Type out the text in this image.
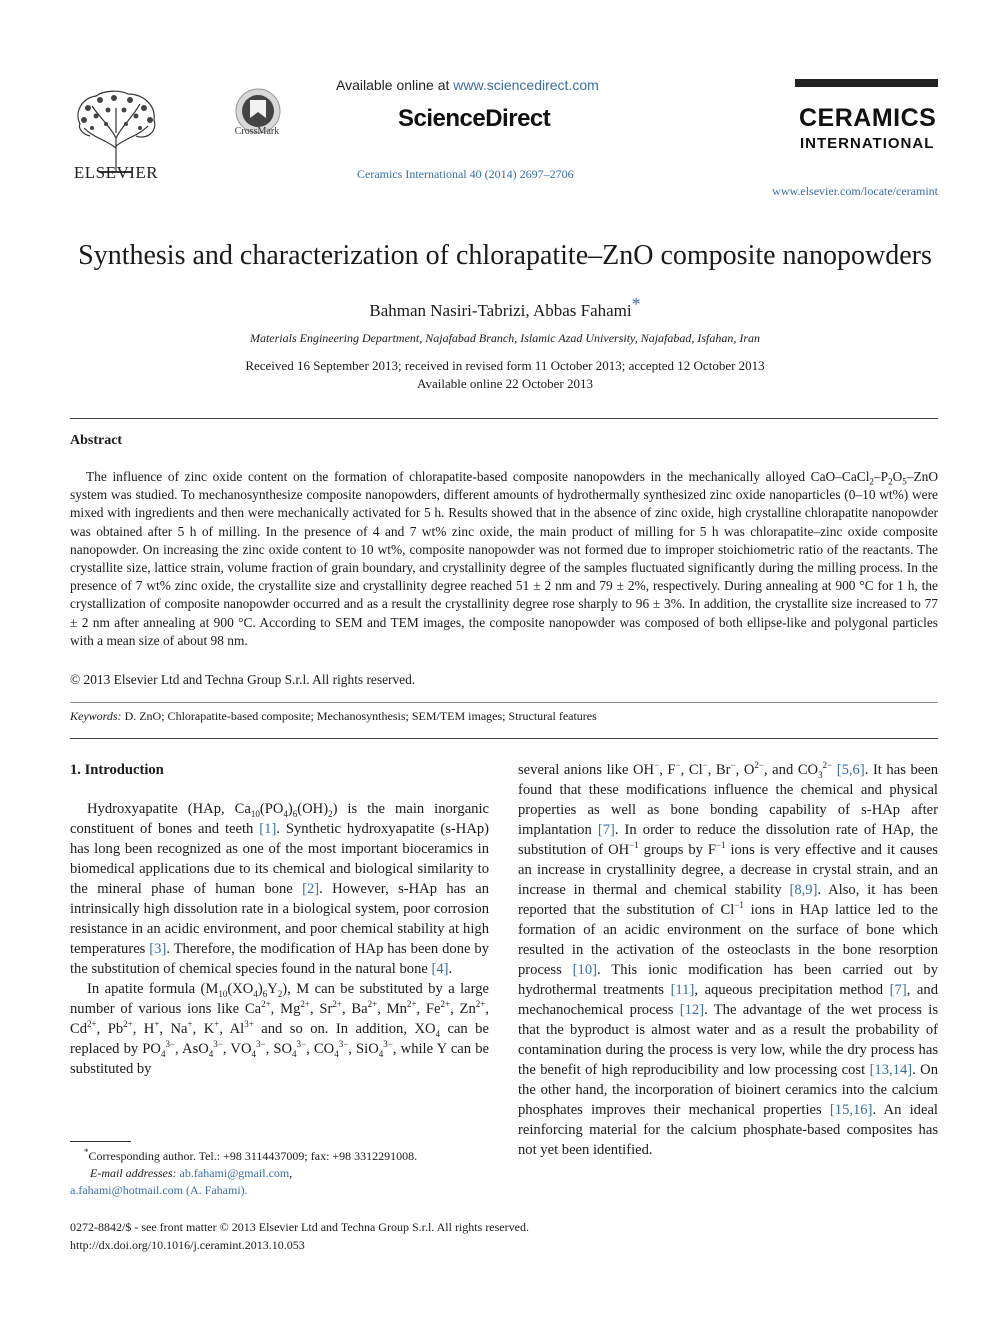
ELSEVIER
CrossMark
Available online at www.sciencedirect.com
ScienceDirect
Ceramics International 40 (2014) 2697–2706
CERAMICS
INTERNATIONAL
www.elsevier.com/locate/ceramint
Synthesis and characterization of chlorapatite–ZnO composite nanopowders
Bahman Nasiri-Tabrizi, Abbas Fahami*
Materials Engineering Department, Najafabad Branch, Islamic Azad University, Najafabad, Isfahan, Iran
Received 16 September 2013; received in revised form 11 October 2013; accepted 12 October 2013
Available online 22 October 2013
Abstract
The influence of zinc oxide content on the formation of chlorapatite-based composite nanopowders in the mechanically alloyed CaO–$CaCl_2-P_2O_5$–ZnO system was studied. To mechanosynthesize composite nanopowders, different amounts of hydrothermally synthesized zinc oxide nanoparticles (0–10 wt%) were mixed with ingredients and then were mechanically activated for 5 h. Results showed that in the absence of zinc oxide, high crystalline chlorapatite nanopowder was obtained after 5 h of milling. In the presence of 4 and 7 wt% zinc oxide, the main product of milling for 5 h was chlorapatite–zinc oxide composite nanopowder. On increasing the zinc oxide content to 10 wt%, composite nanopowder was not formed due to improper stoichiometric ratio of the reactants. The crystallite size, lattice strain, volume fraction of grain boundary, and crystallinity degree of the samples fluctuated significantly during the milling process. In the presence of 7 wt% zinc oxide, the crystallite size and crystallinity degree reached 51 ± 2 nm and 79 ± 2%, respectively. During annealing at 900 °C for 1 h, the crystallization of composite nanopowder occurred and as a result the crystallinity degree rose sharply to 96 ± 3%. In addition, the crystallite size increased to 77 ± 2 nm after annealing at 900 °C. According to SEM and TEM images, the composite nanopowder was composed of both ellipse-like and polygonal particles with a mean size of about 98 nm.
© 2013 Elsevier Ltd and Techna Group S.r.l. All rights reserved.
Keywords: D. ZnO; Chlorapatite-based composite; Mechanosynthesis; SEM/TEM images; Structural features
1. Introduction

Hydroxyapatite (HAp, $Ca_{10}(PO_4)_6(OH)_2$) is the main inorganic constituent of bones and teeth [1]. Synthetic hydroxyapatite (s-HAp) has long been recognized as one of the most important bioceramics in biomedical applications due to its chemical and biological similarity to the mineral phase of human bone [2]. However, s-HAp has an intrinsically high dissolution rate in a biological system, poor corrosion resistance in an acidic environment, and poor chemical stability at high temperatures [3]. Therefore, the modification of HAp has been done by the substitution of chemical species found in the natural bone [4].

In apatite formula $(M_{10}(XO_4)_6Y_2)$, M can be substituted by a large number of various ions like $Ca^{2+}$, $Mg^{2+}$, $Sr^{2+}$, $Ba^{2+}$, $Mn^{2+}$, $Fe^{2+}$, $Zn^{2+}$, $Cd^{2+}$, $Pb^{2+}$, H+, Na+, K+, $Al^{3+}$ and so on. In addition, $XO_4$ can be replaced by $PO_4^{3-}$, AsO$_4^{3-}$, $VO_4^{3-}$, $SO_4^{3-}$, $CO_4^{3-}$, SiO$_4^{3-}$, while Y can be substituted by

several anions like OH−, F−, Cl−, Br−, $O^{2-}$, and $CO_3^{2-}$ [5,6]. It has been found that these modifications influence the chemical and physical properties as well as bone bonding capability of s-HAp after implantation [7]. In order to reduce the dissolution rate of HAp, the substitution of $OH^{-1}$ groups by $F^{-1}$ ions is very effective and it causes an increase in crystallinity degree, a decrease in crystal strain, and an increase in thermal and chemical stability [8,9]. Also, it has been reported that the substitution of $Cl^{-1}$ ions in HAp lattice led to the formation of an acidic environment on the surface of bone which resulted in the activation of the osteoclasts in the bone resorption process [10]. This ionic modification has been carried out by hydrothermal treatments [11], aqueous precipitation method [7], and mechanochemical process [12]. The advantage of the wet process is that the byproduct is almost water and as a result the probability of contamination during the process is very low, while the dry process has the benefit of high reproducibility and low processing cost [13,14]. On the other hand, the incorporation of bioinert ceramics into the calcium phosphates improves their mechanical properties [15,16]. An ideal reinforcing material for the calcium phosphate-based composites has not yet been identified.

*Corresponding author. Tel.: +98 3114437009; fax: +98 3312291008.
E-mail addresses: ab.fahami@gmail.com,
a.fahami@hotmail.com (A. Fahami).
0272-8842/$ - see front matter © 2013 Elsevier Ltd and Techna Group S.r.l. All rights reserved.
http://dx.doi.org/10.1016/j.ceramint.2013.10.053
